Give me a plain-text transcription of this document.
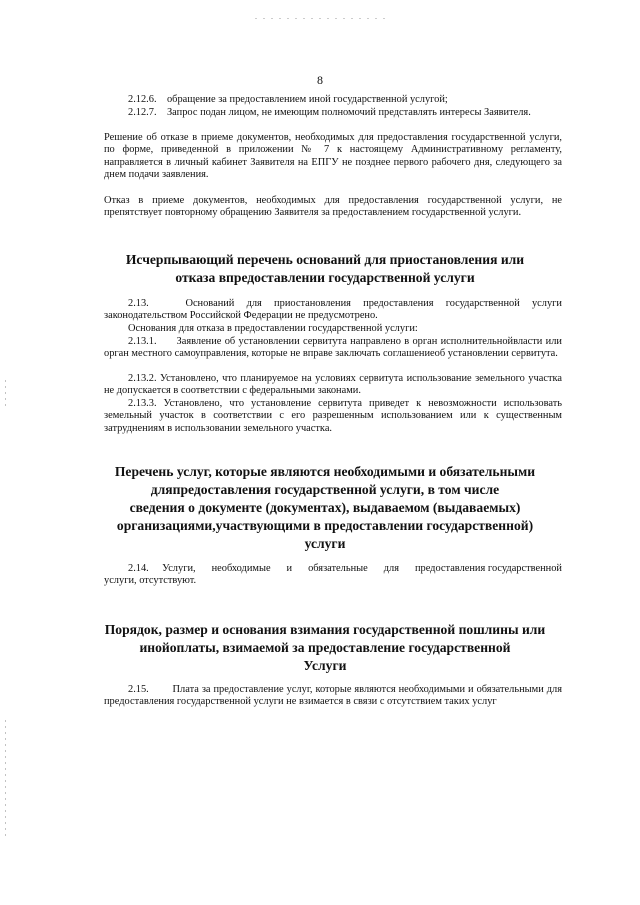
8
2.12.6.    обращение за предоставлением иной государственной услугой;
2.12.7.    Запрос подан лицом, не имеющим полномочий представлять интересы Заявителя.
Решение об отказе в приеме документов, необходимых для предоставления государственной услуги, по форме, приведенной в приложении № 7 к настоящему Административному регламенту, направляется в личный кабинет Заявителя на ЕПГУ не позднее первого рабочего дня, следующего за днем подачи заявления.
Отказ в приеме документов, необходимых для предоставления государственной услуги, не препятствует повторному обращению Заявителя за предоставлением государственной услуги.
Исчерпывающий перечень оснований для приостановления или
отказа впредоставлении государственной услуги
2.13.   Оснований для приостановления предоставления государственной услуги законодательством Российской Федерации не предусмотрено.
Основания для отказа в предоставлении государственной услуги:
2.13.1.      Заявление об установлении сервитута направлено в орган исполнительнойвласти или орган местного самоуправления, которые не вправе заключать соглашениеоб установлении сервитута.
2.13.2. Установлено, что планируемое на условиях сервитута использование земельного участка не допускается в соответствии с федеральными законами.
2.13.3. Установлено, что установление сервитута приведет к невозможности использовать земельный участок в соответствии с его разрешенным использованием или к существенным затруднениям в использовании земельного участка.
Перечень услуг, которые являются необходимыми и обязательными
дляпредоставления государственной услуги, в том числе
сведения о документе (документах), выдаваемом (выдаваемых)
организациями,участвующими в предоставлении государственной)
услуги
2.14.     Услуги,      необходимые      и      обязательные      для      предоставления государственной услуги, отсутствуют.
Порядок, размер и основания взимания государственной пошлины или
инойоплаты, взимаемой за предоставление государственной
Услуги
2.15.        Плата за предоставление услуг, которые являются необходимыми и обязательными для предоставления государственной услуги не взимается в связи с отсутствием таких услуг
